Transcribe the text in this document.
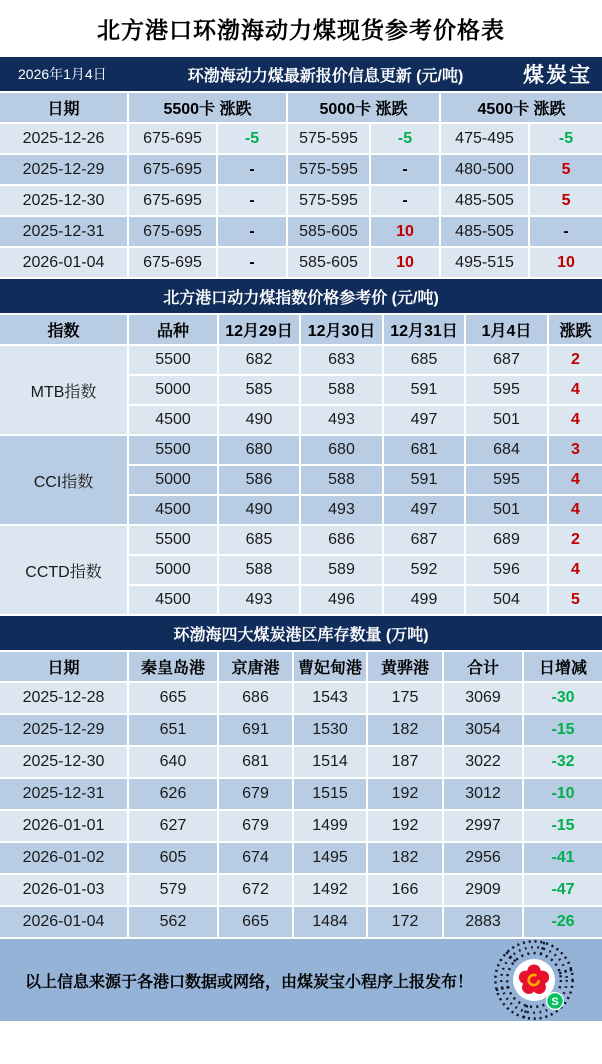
北方港口环渤海动力煤现货参考价格表
2026年1月4日	环渤海动力煤最新报价信息更新 (元/吨)	煤炭宝
日期	5500卡 涨跌		5000卡 涨跌		4500卡 涨跌	
2025-12-26	675-695	-5	575-595	-5	475-495	-5
2025-12-29	675-695	-	575-595	-	480-500	5
2025-12-30	675-695	-	575-595	-	485-505	5
2025-12-31	675-695	-	585-605	10	485-505	-
2026-01-04	675-695	-	585-605	10	495-515	10
北方港口动力煤指数价格参考价 (元/吨)
指数	品种	12月29日	12月30日	12月31日	1月4日	涨跌
MTB指数	5500	682	683	685	687	2
	5000	585	588	591	595	4
	4500	490	493	497	501	4
CCI指数	5500	680	680	681	684	3
	5000	586	588	591	595	4
	4500	490	493	497	501	4
CCTD指数	5500	685	686	687	689	2
	5000	588	589	592	596	4
	4500	493	496	499	504	5
环渤海四大煤炭港区库存数量 (万吨)
日期	秦皇岛港	京唐港	曹妃甸港	黄骅港	合计	日增减
2025-12-28	665	686	1543	175	3069	-30
2025-12-29	651	691	1530	182	3054	-15
2025-12-30	640	681	1514	187	3022	-32
2025-12-31	626	679	1515	192	3012	-10
2026-01-01	627	679	1499	192	2997	-15
2026-01-02	605	674	1495	182	2956	-41
2026-01-03	579	672	1492	166	2909	-47
2026-01-04	562	665	1484	172	2883	-26
以上信息来源于各港口数据或网络，由煤炭宝小程序上报发布！
S
